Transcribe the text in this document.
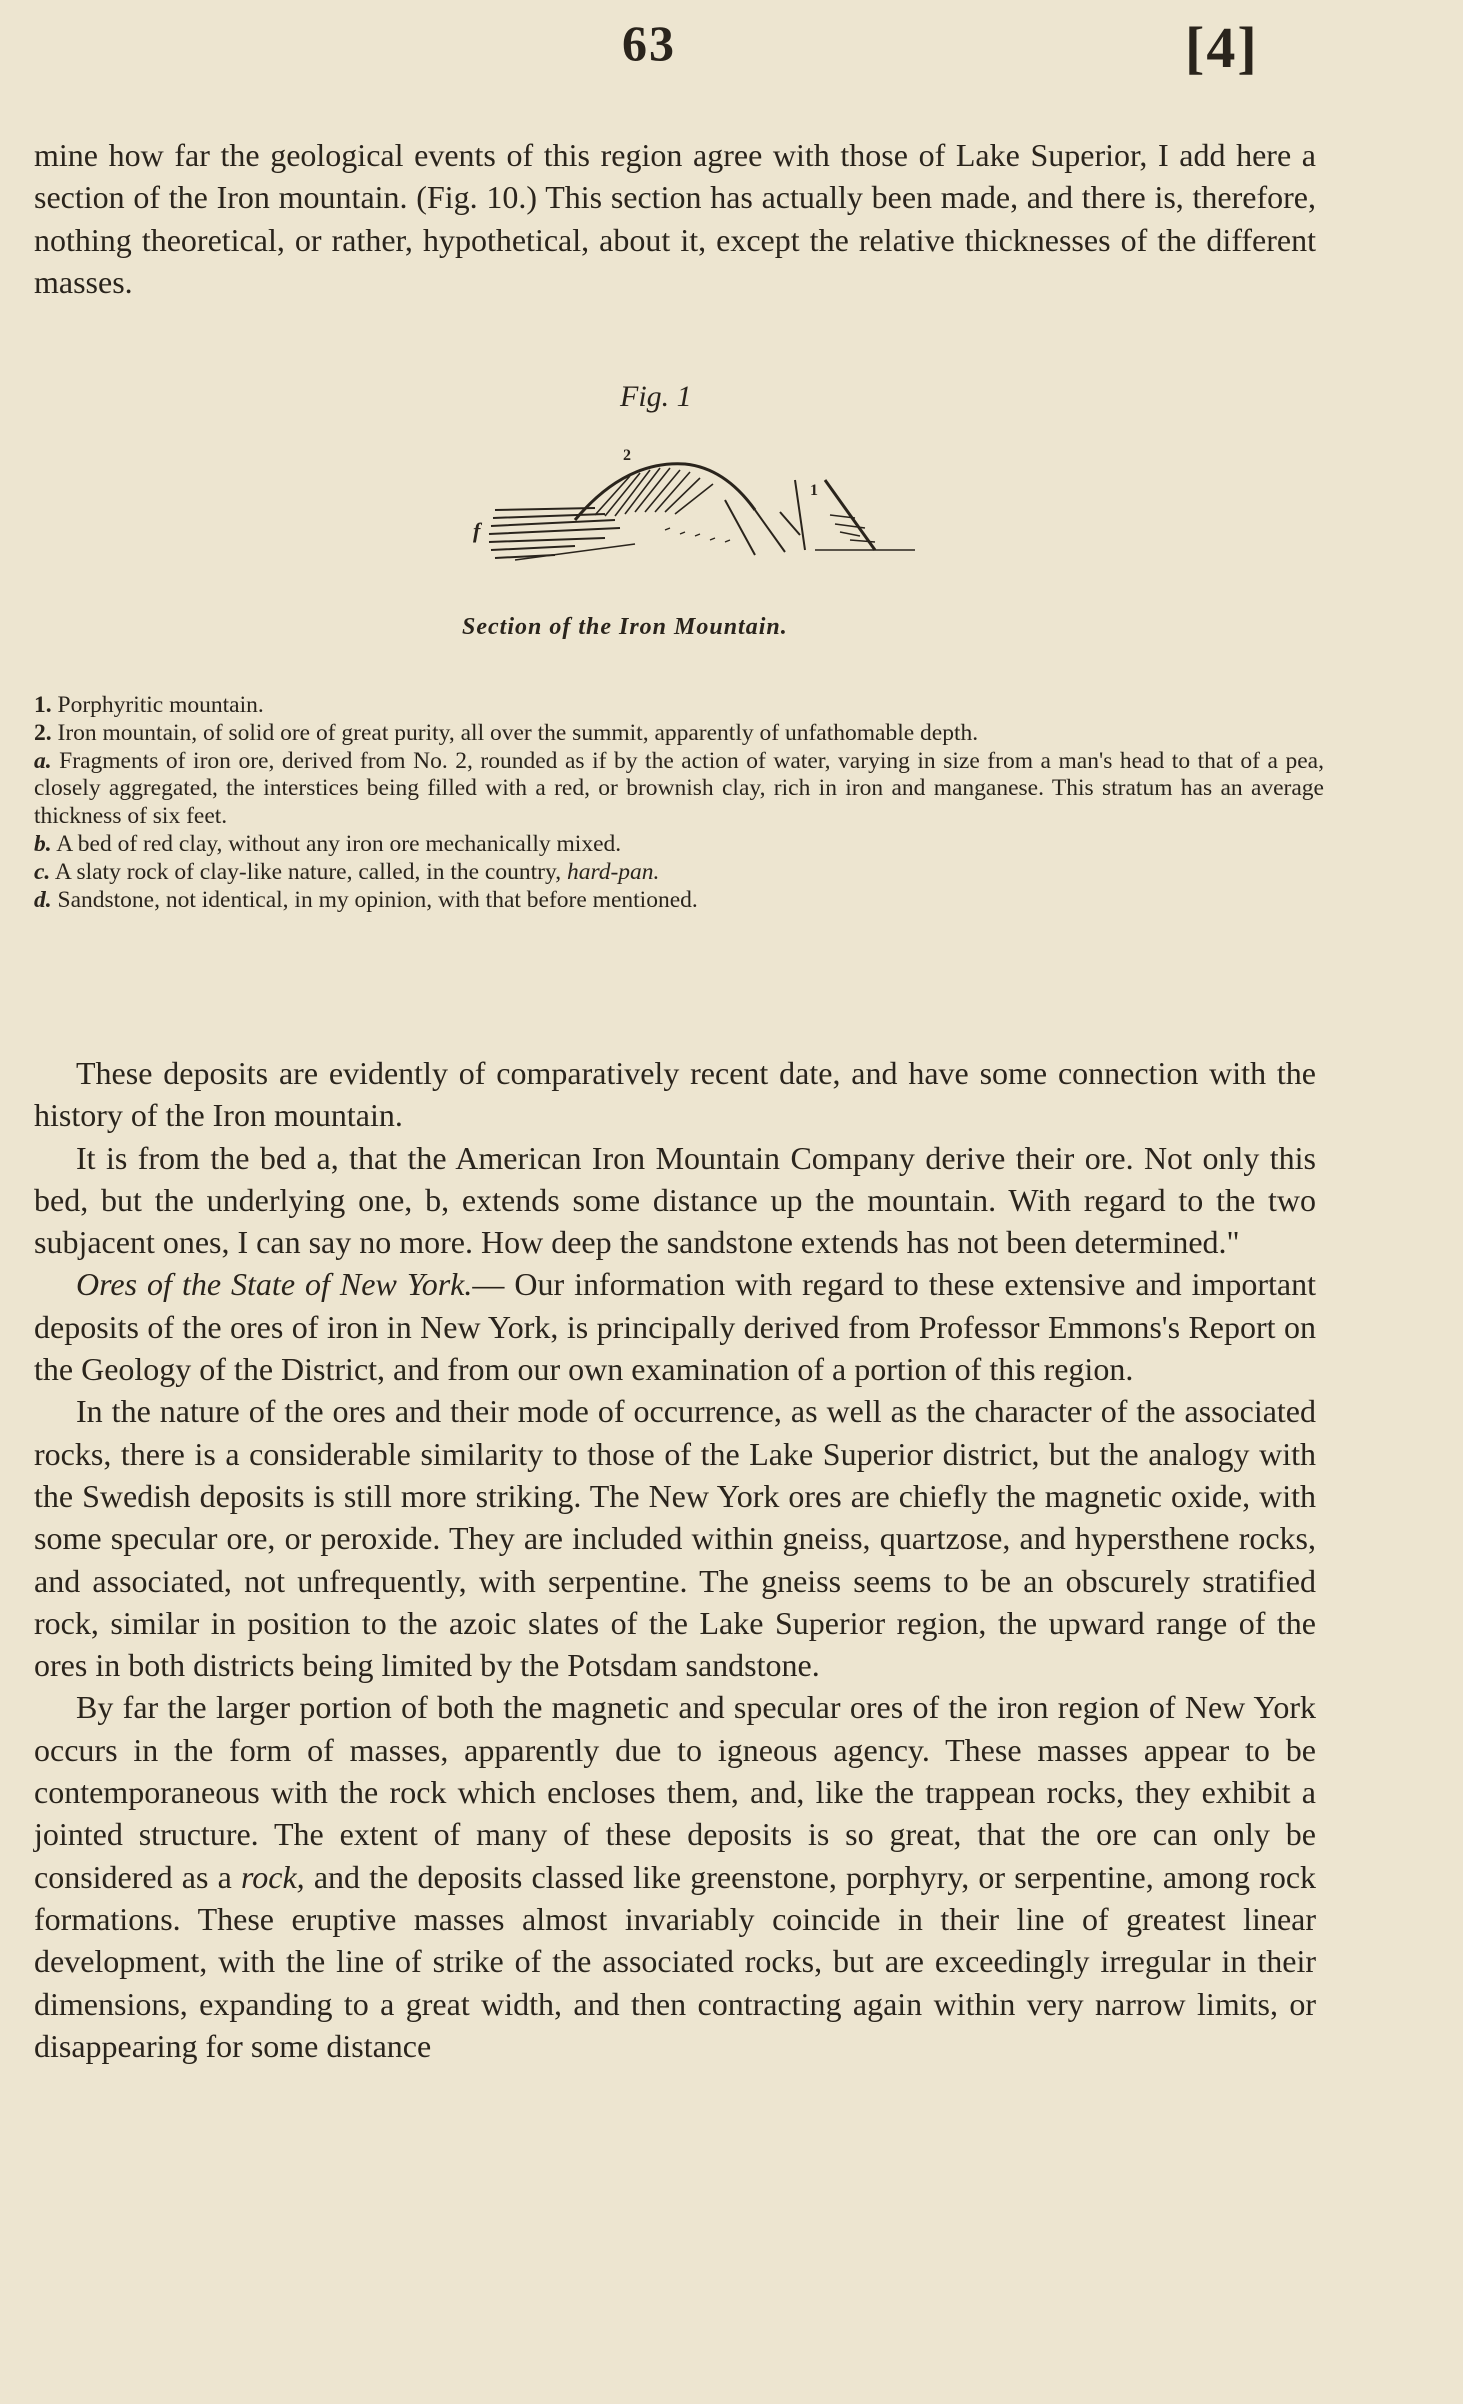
63	[4]

mine how far the geological events of this region agree with those of Lake Superior, I add here a section of the Iron mountain. (Fig. 10.) This section has actually been made, and there is, therefore, nothing theoretical, or rather, hypothetical, about it, except the relative thicknesses of the different masses.

Fig. 1
2
1
f
Section of the Iron Mountain.
1. Porphyritic mountain.
2. Iron mountain, of solid ore of great purity, all over the summit, apparently of unfathomable depth.
a. Fragments of iron ore, derived from No. 2, rounded as if by the action of water, varying in size from a man's head to that of a pea, closely aggregated, the interstices being filled with a red, or brownish clay, rich in iron and manganese. This stratum has an average thickness of six feet.
b. A bed of red clay, without any iron ore mechanically mixed.
c. A slaty rock of clay-like nature, called, in the country, hard-pan.
d. Sandstone, not identical, in my opinion, with that before mentioned.

These deposits are evidently of comparatively recent date, and have some connection with the history of the Iron mountain.

It is from the bed a, that the American Iron Mountain Company derive their ore. Not only this bed, but the underlying one, b, extends some distance up the mountain. With regard to the two subjacent ones, I can say no more. How deep the sandstone extends has not been determined."

Ores of the State of New York.— Our information with regard to these extensive and important deposits of the ores of iron in New York, is principally derived from Professor Emmons's Report on the Geology of the District, and from our own examination of a portion of this region.

In the nature of the ores and their mode of occurrence, as well as the character of the associated rocks, there is a considerable similarity to those of the Lake Superior district, but the analogy with the Swedish deposits is still more striking. The New York ores are chiefly the magnetic oxide, with some specular ore, or peroxide. They are included within gneiss, quartzose, and hypersthene rocks, and associated, not unfrequently, with serpentine. The gneiss seems to be an obscurely stratified rock, similar in position to the azoic slates of the Lake Superior region, the upward range of the ores in both districts being limited by the Potsdam sandstone.

By far the larger portion of both the magnetic and specular ores of the iron region of New York occurs in the form of masses, apparently due to igneous agency. These masses appear to be contemporaneous with the rock which encloses them, and, like the trappean rocks, they exhibit a jointed structure. The extent of many of these deposits is so great, that the ore can only be considered as a rock, and the deposits classed like greenstone, porphyry, or serpentine, among rock formations. These eruptive masses almost invariably coincide in their line of greatest linear development, with the line of strike of the associated rocks, but are exceedingly irregular in their dimensions, expanding to a great width, and then contracting again within very narrow limits, or disappearing for some distance
